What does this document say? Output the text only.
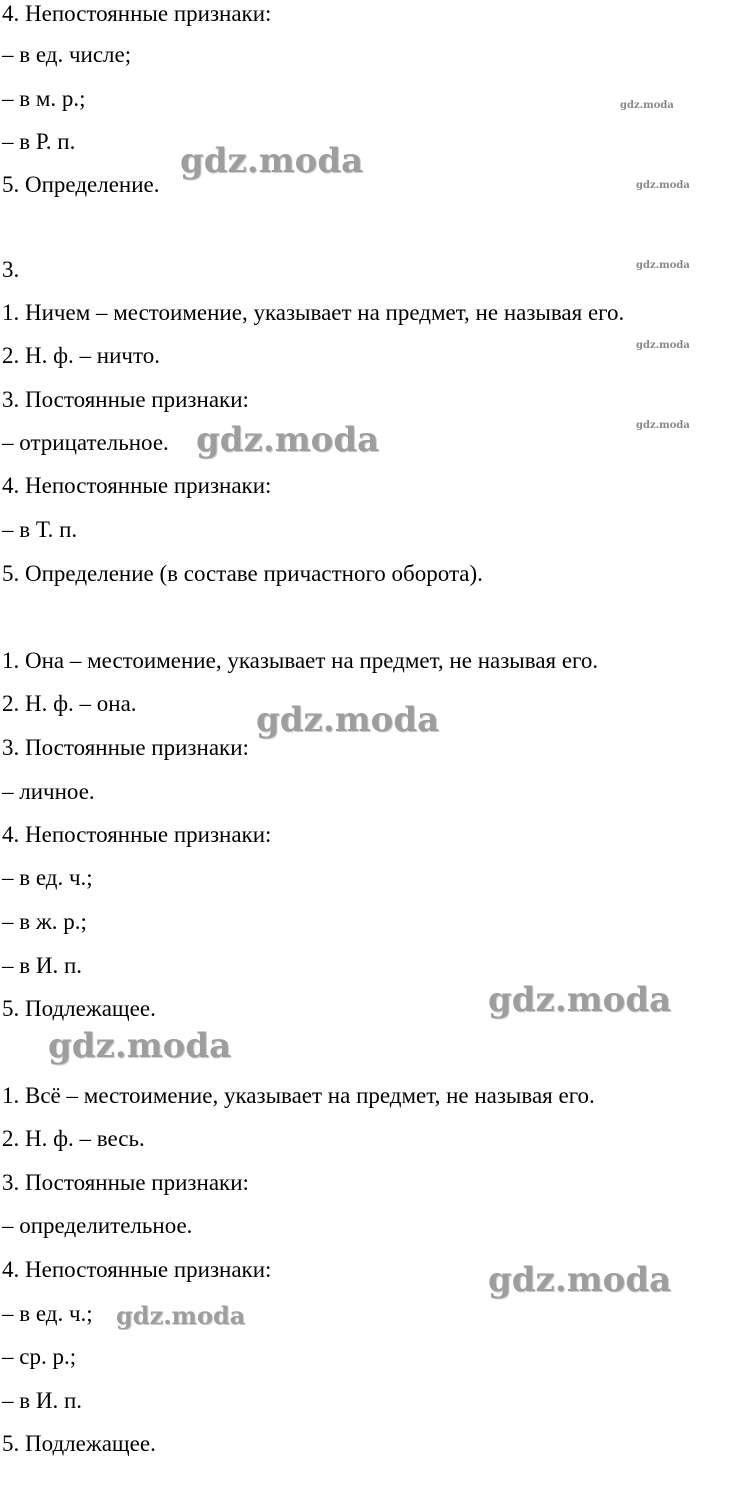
4. Непостоянные признаки:

– в ед. числе;

– в м. р.;

– в Р. п.

5. Определение.

3.

1. Ничем – местоимение, указывает на предмет, не называя его.

2. Н. ф. – ничто.

3. Постоянные признаки:

– отрицательное.

4. Непостоянные признаки:

– в Т. п.

5. Определение (в составе причастного оборота).

1. Она – местоимение, указывает на предмет, не называя его.

2. Н. ф. – она.

3. Постоянные признаки:

– личное.

4. Непостоянные признаки:

– в ед. ч.;

– в ж. р.;

– в И. п.

5. Подлежащее.

1. Всё – местоимение, указывает на предмет, не называя его.

2. Н. ф. – весь.

3. Постоянные признаки:

– определительное.

4. Непостоянные признаки:

– в ед. ч.;

– ср. р.;

– в И. п.

5. Подлежащее.

gdz.moda
gdz.moda
gdz.moda
gdz.moda
gdz.moda
gdz.moda
gdz.moda
gdz.moda
gdz.moda
gdz.moda
gdz.moda
gdz.moda
